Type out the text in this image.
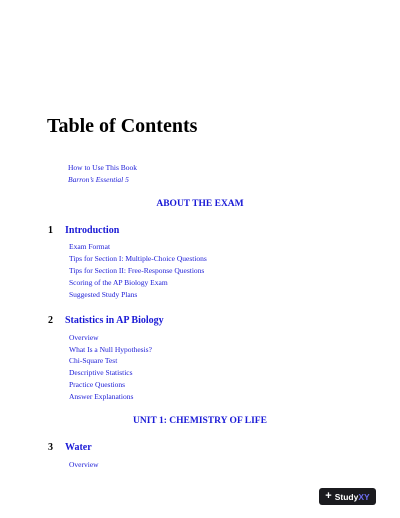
Table of Contents
How to Use This Book
Barron’s Essential 5
ABOUT THE EXAM
1 Introduction
Exam Format
Tips for Section I: Multiple-Choice Questions
Tips for Section II: Free-Response Questions
Scoring of the AP Biology Exam
Suggested Study Plans
2 Statistics in AP Biology
Overview
What Is a Null Hypothesis?
Chi-Square Test
Descriptive Statistics
Practice Questions
Answer Explanations
UNIT 1: CHEMISTRY OF LIFE
3 Water
Overview
+ Study XY
